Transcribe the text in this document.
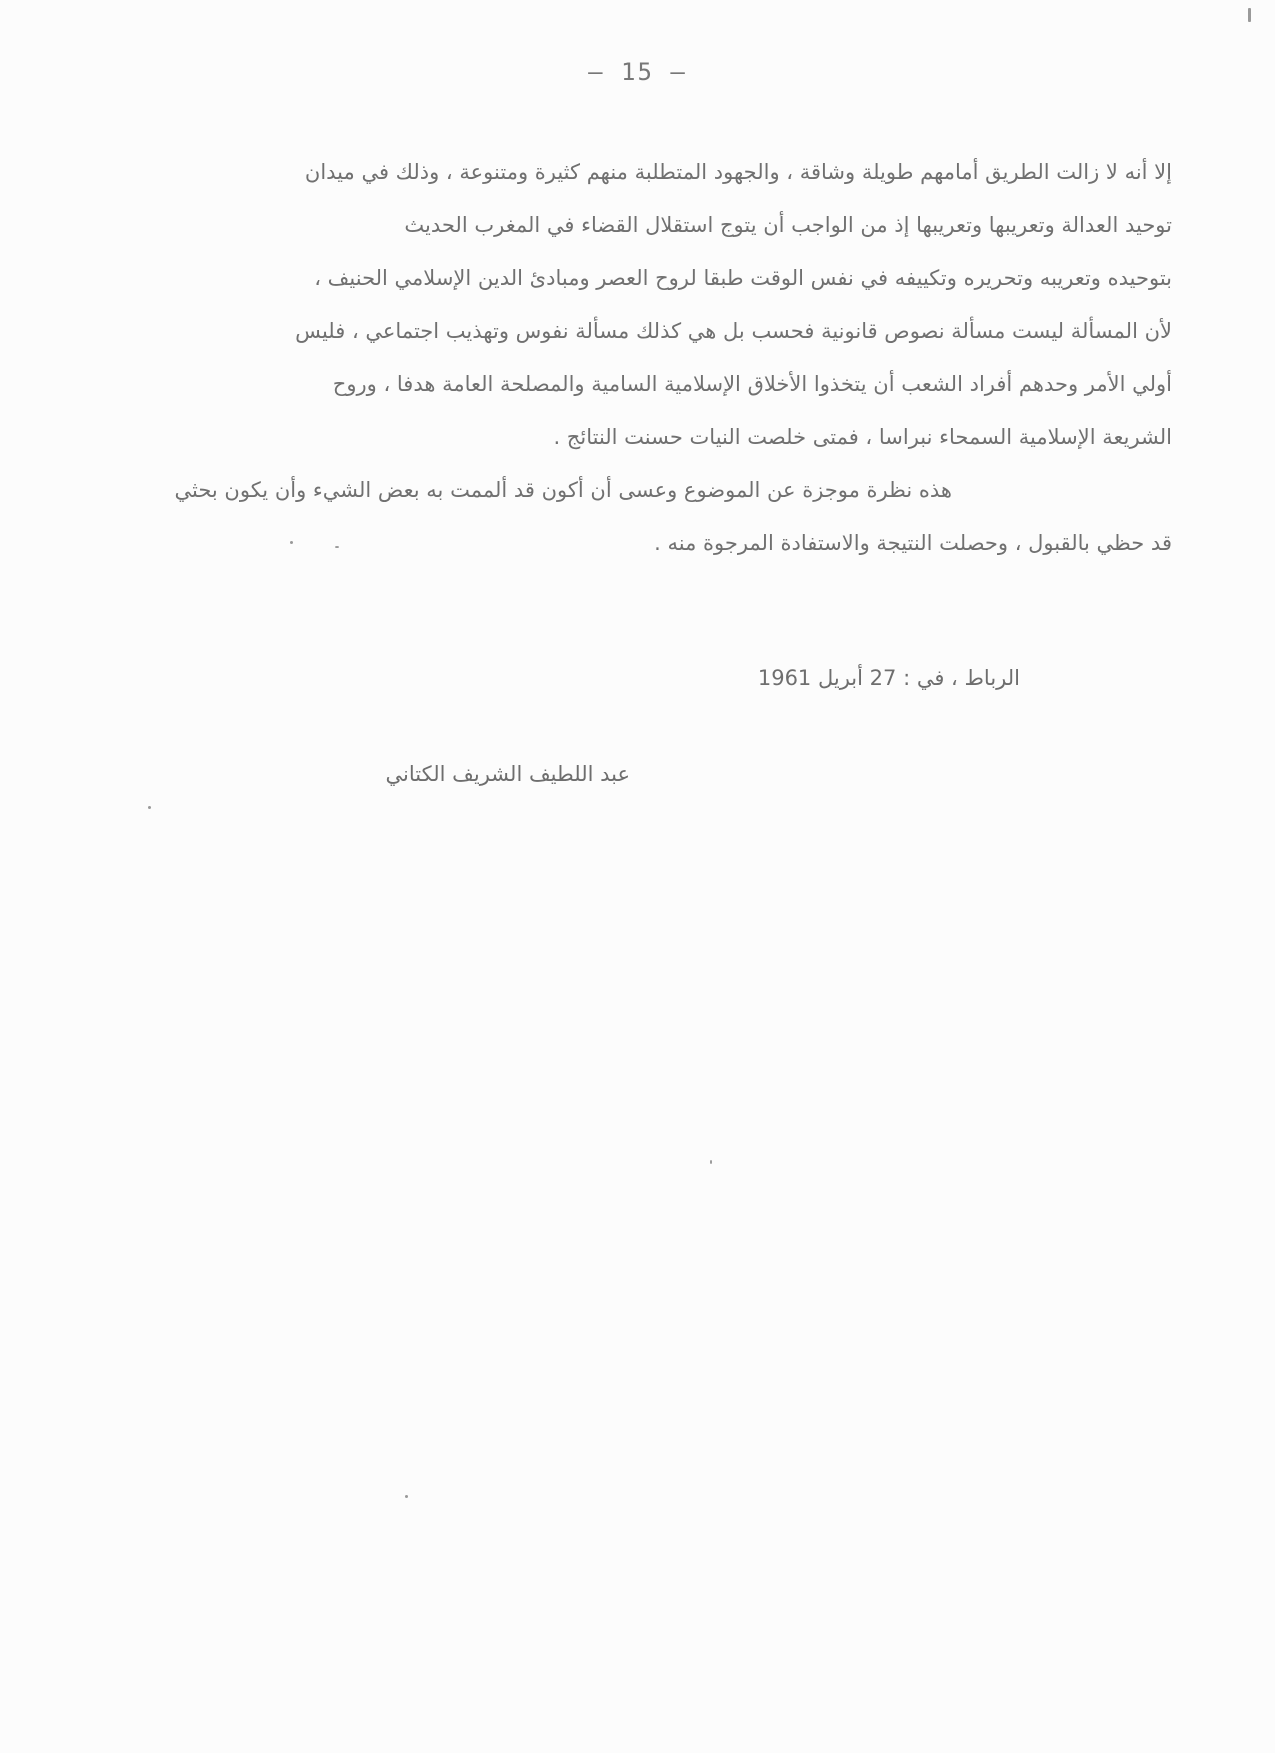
— 15 —
إلا أنه لا زالت الطريق أمامهم طويلة وشاقة ، والجهود المتطلبة منهم كثيرة ومتنوعة ، وذلك في ميدان
توحيد العدالة وتعريبها وتعريبها إذ من الواجب أن يتوج استقلال القضاء في المغرب الحديث
بتوحيده وتعريبه وتحريره وتكييفه في نفس الوقت طبقا لروح العصر ومبادئ الدين الإسلامي الحنيف ،
لأن المسألة ليست مسألة نصوص قانونية فحسب بل هي كذلك مسألة نفوس وتهذيب اجتماعي ، فليس
أولي الأمر وحدهم أفراد الشعب أن يتخذوا الأخلاق الإسلامية السامية والمصلحة العامة هدفا ، وروح
الشريعة الإسلامية السمحاء نبراسا ، فمتى خلصت النيات حسنت النتائج .
هذه نظرة موجزة عن الموضوع وعسى أن أكون قد ألممت به بعض الشيء وأن يكون بحثي
قد حظي بالقبول ، وحصلت النتيجة والاستفادة المرجوة منه .
الرباط ، في : 27 أبريل 1961
عبد اللطيف الشريف الكتاني
